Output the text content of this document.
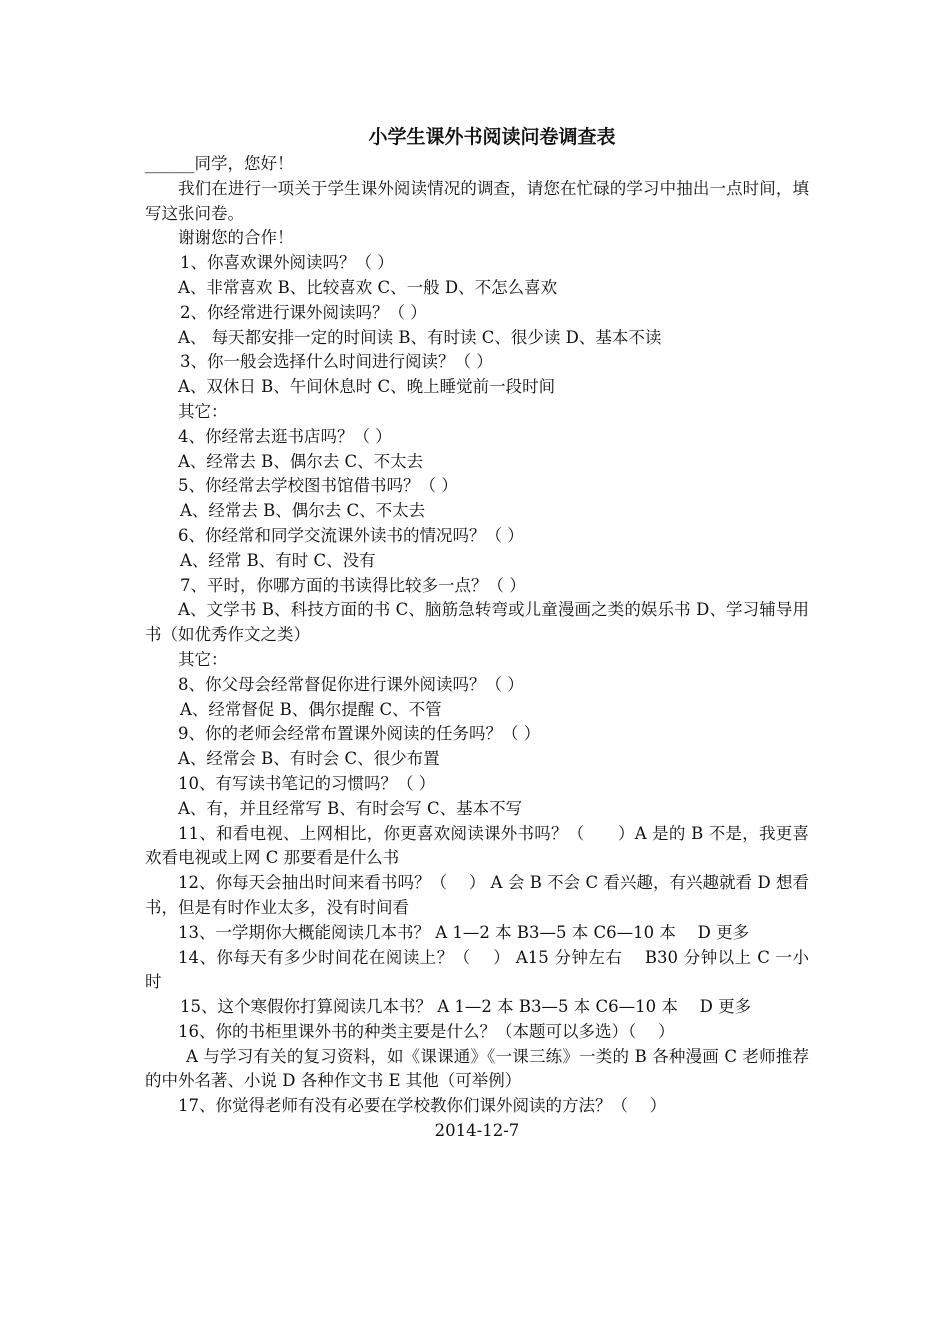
小学生课外书阅读问卷调查表
______同学，您好！
我们在进行一项关于学生课外阅读情况的调查，请您在忙碌的学习中抽出一点时间，填写这张问卷。
谢谢您的合作！
1、你喜欢课外阅读吗？（ ）
A、非常喜欢 B、比较喜欢 C、一般 D、不怎么喜欢
2、你经常进行课外阅读吗？（ ）
A、 每天都安排一定的时间读 B、有时读 C、很少读 D、基本不读
3、你一般会选择什么时间进行阅读？（ ）
A、双休日 B、午间休息时 C、晚上睡觉前一段时间
其它：
4、你经常去逛书店吗？（ ）
A、经常去 B、偶尔去 C、不太去
5、你经常去学校图书馆借书吗？（ ）
A、经常去 B、偶尔去 C、不太去
6、你经常和同学交流课外读书的情况吗？（ ）
A、经常 B、有时 C、没有
7、平时，你哪方面的书读得比较多一点？（ ）
A、文学书 B、科技方面的书 C、脑筋急转弯或儿童漫画之类的娱乐书 D、学习辅导用书（如优秀作文之类）
其它：
8、你父母会经常督促你进行课外阅读吗？（ ）
A、经常督促 B、偶尔提醒 C、不管
9、你的老师会经常布置课外阅读的任务吗？（ ）
A、经常会 B、有时会 C、很少布置
10、有写读书笔记的习惯吗？（ ）
A、有，并且经常写 B、有时会写 C、基本不写
11、和看电视、上网相比，你更喜欢阅读课外书吗？（　　）A 是的 B 不是，我更喜欢看电视或上网 C 那要看是什么书
12、你每天会抽出时间来看书吗？（　 ） A 会 B 不会 C 看兴趣，有兴趣就看 D 想看书，但是有时作业太多，没有时间看
13、一学期你大概能阅读几本书？ A 1—2 本 B3—5 本 C6—10 本 　D 更多
14、你每天有多少时间花在阅读上？（　 ） A15 分钟左右 　B30 分钟以上 C 一小时
15、这个寒假你打算阅读几本书？ A 1—2 本 B3—5 本 C6—10 本 　D 更多
16、你的书柜里课外书的种类主要是什么？（本题可以多选）（　 ）
A 与学习有关的复习资料，如《课课通》《一课三练》一类的 B 各种漫画 C 老师推荐的中外名著、小说 D 各种作文书 E 其他（可举例）
17、你觉得老师有没有必要在学校教你们课外阅读的方法？（　 ）
2014-12-7
